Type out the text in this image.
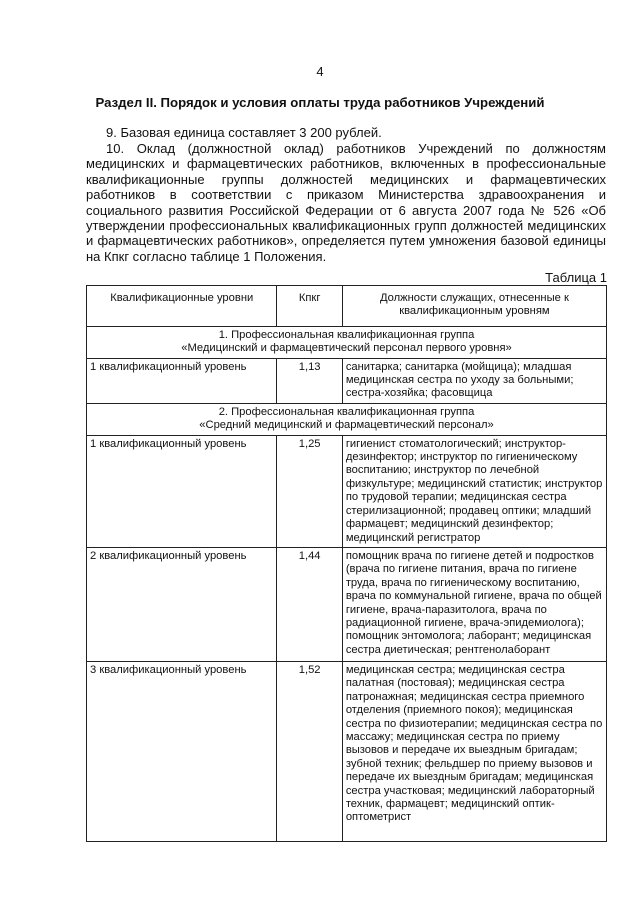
4
Раздел II. Порядок и условия оплаты труда работников Учреждений
9. Базовая единица составляет 3 200 рублей.
10. Оклад (должностной оклад) работников Учреждений по должностям медицинских и фармацевтических работников, включенных в профессиональные квалификационные группы должностей медицинских и фармацевтических работников в соответствии с приказом Министерства здравоохранения и социального развития Российской Федерации от 6 августа 2007 года № 526 «Об утверждении профессиональных квалификационных групп должностей медицинских и фармацевтических работников», определяется путем умножения базовой единицы на Кпкг согласно таблице 1 Положения.
Таблица 1
Квалификационные уровни	Кпкг	Должности служащих, отнесенные к квалификационным уровням

1. Профессиональная квалификационная группа
«Медицинский и фармацевтический персонал первого уровня»		

1 квалификационный уровень	1,13	санитарка; санитарка (мойщица); младшая медицинская сестра по уходу за больными; сестра-хозяйка; фасовщица

2. Профессиональная квалификационная группа
«Средний медицинский и фармацевтический персонал»		

1 квалификационный уровень	1,25	гигиенист стоматологический; инструктор-дезинфектор; инструктор по гигиеническому воспитанию; инструктор по лечебной физкультуре; медицинский статистик; инструктор по трудовой терапии; медицинская сестра стерилизационной; продавец оптики; младший фармацевт; медицинский дезинфектор; медицинский регистратор
2 квалификационный уровень	1,44	помощник врача по гигиене детей и подростков (врача по гигиене питания, врача по гигиене труда, врача по гигиеническому воспитанию, врача по коммунальной гигиене, врача по общей гигиене, врача-паразитолога, врача по радиационной гигиене, врача-эпидемиолога); помощник энтомолога; лаборант; медицинская сестра диетическая; рентгенолаборант
3 квалификационный уровень	1,52	медицинская сестра; медицинская сестра палатная (постовая); медицинская сестра патронажная; медицинская сестра приемного отделения (приемного покоя); медицинская сестра по физиотерапии; медицинская сестра по массажу; медицинская сестра по приему вызовов и передаче их выездным бригадам; зубной техник; фельдшер по приему вызовов и передаче их выездным бригадам; медицинская сестра участковая; медицинский лабораторный техник, фармацевт; медицинский оптик-оптометрист
